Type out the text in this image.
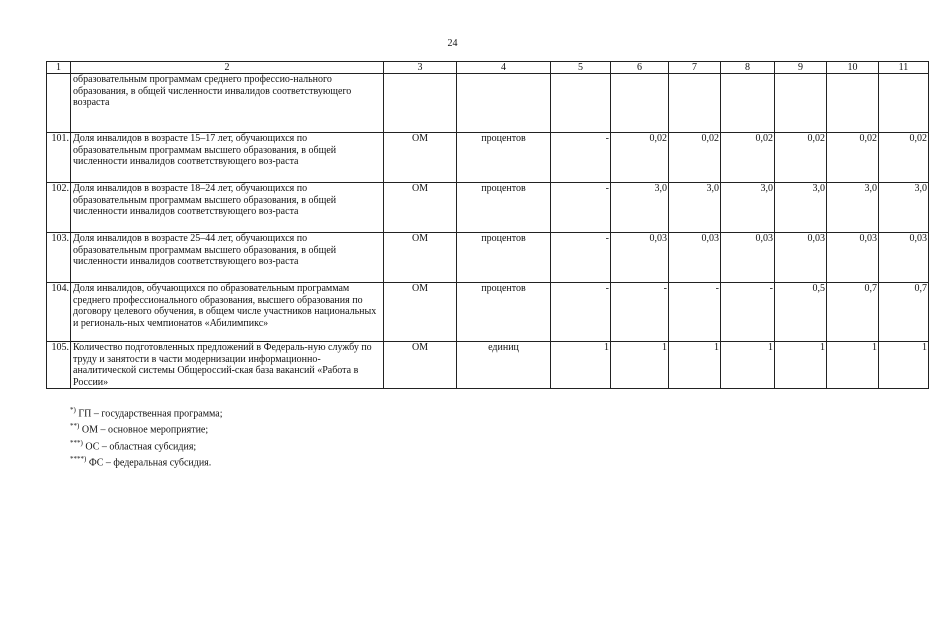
24
1	2	3	4	5	6	7	8	9	10	11
	образовательным программам среднего профессио-нального образования, в общей численности инвалидов соответствующего возраста									
101.	Доля инвалидов в возрасте 15–17 лет, обучающихся по образовательным программам высшего образования, в общей численности инвалидов соответствующего воз-раста	ОМ	процентов	-	0,02	0,02	0,02	0,02	0,02	0,02
102.	Доля инвалидов в возрасте 18–24 лет, обучающихся по образовательным программам высшего образования, в общей численности инвалидов соответствующего воз-раста	ОМ	процентов	-	3,0	3,0	3,0	3,0	3,0	3,0
103.	Доля инвалидов в возрасте 25–44 лет, обучающихся по образовательным программам высшего образования, в общей численности инвалидов соответствующего воз-раста	ОМ	процентов	-	0,03	0,03	0,03	0,03	0,03	0,03
104.	Доля инвалидов, обучающихся по образовательным программам среднего профессионального образования, высшего образования по договору целевого обучения, в общем числе участников национальных и региональ-ных чемпионатов «Абилимпикс»	ОМ	процентов	-	-	-	-	0,5	0,7	0,7
105.	Количество подготовленных предложений в Федераль-ную службу по труду и занятости в части модернизации информационно-аналитической системы Общероссий-ская база вакансий «Работа в России»	ОМ	единиц	1	1	1	1	1	1	1
*) ГП – государственная программа;
**) ОМ – основное мероприятие;
***) ОС – областная субсидия;
****) ФС – федеральная субсидия.
